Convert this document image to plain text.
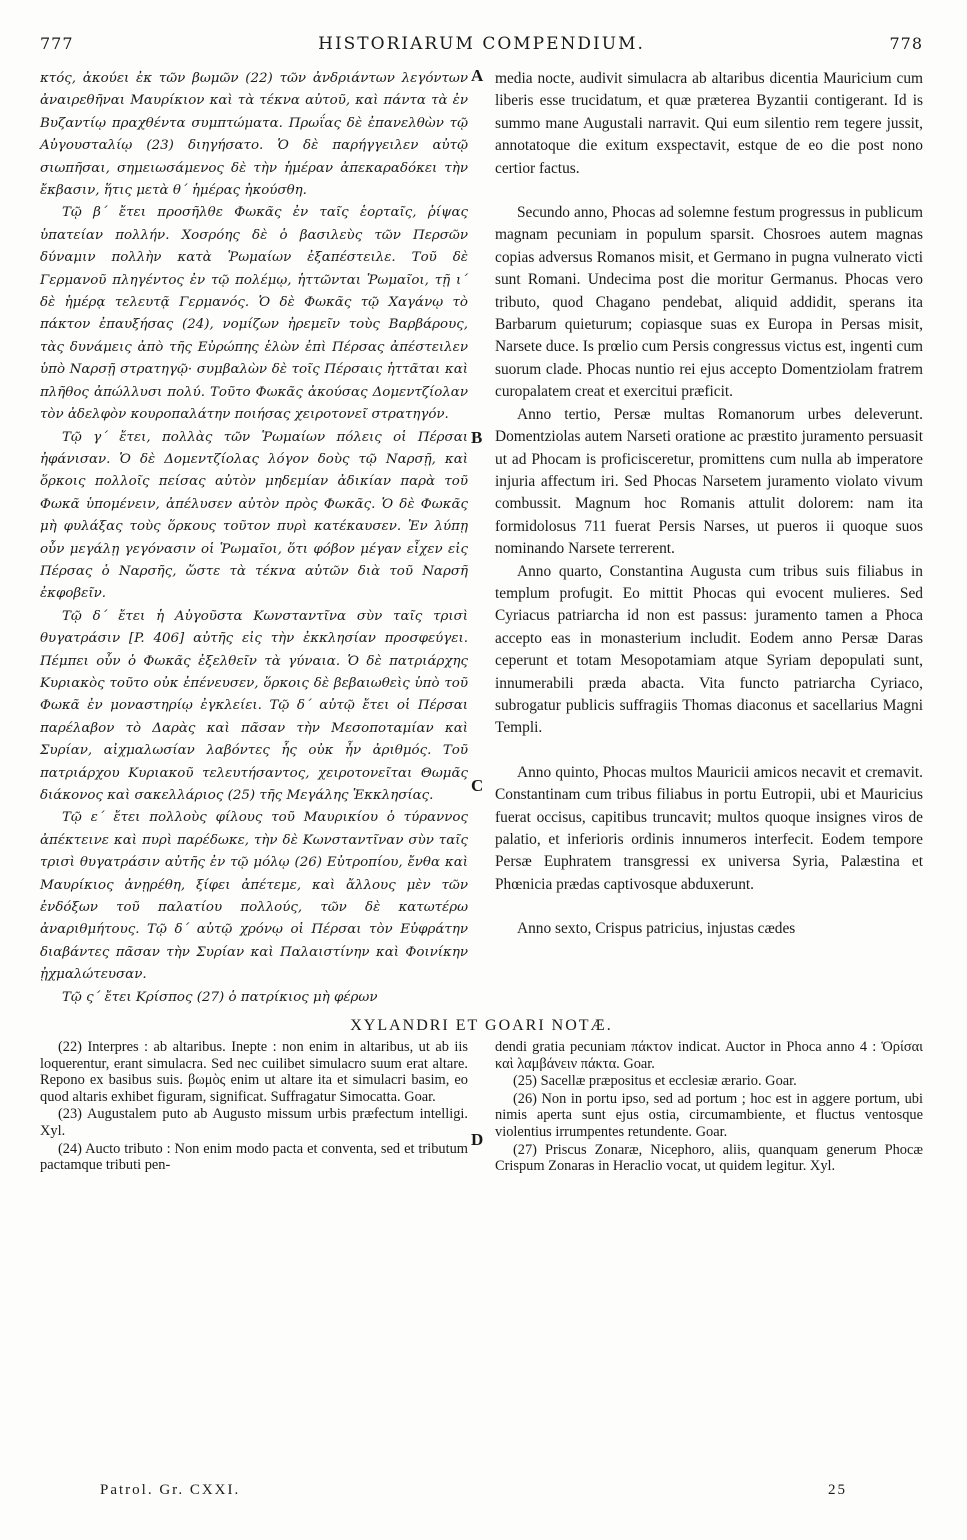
777	HISTORIARUM COMPENDIUM.	778
A
B
C
D

κτός, ἀκούει ἐκ τῶν βωμῶν (22) τῶν ἀνδριάντων λεγόντων ἀναιρεθῆναι Μαυρίκιον καὶ τὰ τέκνα αὐτοῦ, καὶ πάντα τὰ ἐν Βυζαντίῳ πραχθέντα συμπτώματα. Πρωΐας δὲ ἐπανελθὼν τῷ Αὐγουσταλίῳ (23) διηγήσατο. Ὁ δὲ παρήγγειλεν αὐτῷ σιωπῆσαι, σημειωσάμενος δὲ τὴν ἡμέραν ἀπεκαραδόκει τὴν ἔκβασιν, ἥτις μετὰ θ´ ἡμέρας ἠκούσθη.

Τῷ β´ ἔτει προσῆλθε Φωκᾶς ἐν ταῖς ἑορταῖς, ῥίψας ὑπατείαν πολλήν. Χοσρόης δὲ ὁ βασιλεὺς τῶν Περσῶν δύναμιν πολλὴν κατὰ Ῥωμαίων ἐξαπέστειλε. Τοῦ δὲ Γερμανοῦ πληγέντος ἐν τῷ πολέμῳ, ἡττῶνται Ῥωμαῖοι, τῇ ι´ δὲ ἡμέρᾳ τελευτᾷ Γερμανός. Ὁ δὲ Φωκᾶς τῷ Χαγάνῳ τὸ πάκτον ἐπαυξήσας (24), νομίζων ἠρεμεῖν τοὺς Βαρβάρους, τὰς δυνάμεις ἀπὸ τῆς Εὐρώπης ἑλὼν ἐπὶ Πέρσας ἀπέστειλεν ὑπὸ Ναρσῇ στρατηγῷ· συμβαλὼν δὲ τοῖς Πέρσαις ἡττᾶται καὶ πλῆθος ἀπώλλυσι πολύ. Τοῦτο Φωκᾶς ἀκούσας Δομεντζίολαν τὸν ἀδελφὸν κουροπαλάτην ποιήσας χειροτονεῖ στρατηγόν.

Τῷ γ´ ἔτει, πολλὰς τῶν Ῥωμαίων πόλεις οἱ Πέρσαι ἠφάνισαν. Ὁ δὲ Δομεντζίολας λόγον δοὺς τῷ Ναρσῇ, καὶ ὅρκοις πολλοῖς πείσας αὐτὸν μηδεμίαν ἀδικίαν παρὰ τοῦ Φωκᾶ ὑπομένειν, ἀπέλυσεν αὐτὸν πρὸς Φωκᾶς. Ὁ δὲ Φωκᾶς μὴ φυλάξας τοὺς ὅρκους τοῦτον πυρὶ κατέκαυσεν. Ἐν λύπῃ οὖν μεγάλῃ γεγόνασιν οἱ Ῥωμαῖοι, ὅτι φόβον μέγαν εἶχεν εἰς Πέρσας ὁ Ναρσῆς, ὥστε τὰ τέκνα αὐτῶν διὰ τοῦ Ναρσῆ ἐκφοβεῖν.

Τῷ δ´ ἔτει ἡ Αὐγοῦστα Κωνσταντῖνα σὺν ταῖς τρισὶ θυγατράσιν [P. 406] αὐτῆς εἰς τὴν ἐκκλησίαν προσφεύγει. Πέμπει οὖν ὁ Φωκᾶς ἐξελθεῖν τὰ γύναια. Ὁ δὲ πατριάρχης Κυριακὸς τοῦτο οὐκ ἐπένευσεν, ὅρκοις δὲ βεβαιωθεὶς ὑπὸ τοῦ Φωκᾶ ἐν μοναστηρίῳ ἐγκλείει. Τῷ δ´ αὐτῷ ἔτει οἱ Πέρσαι παρέλαβον τὸ Δαρὰς καὶ πᾶσαν τὴν Μεσοποταμίαν καὶ Συρίαν, αἰχμαλωσίαν λαβόντες ἧς οὐκ ἦν ἀριθμός. Τοῦ πατριάρχου Κυριακοῦ τελευτήσαντος, χειροτονεῖται Θωμᾶς διάκονος καὶ σακελλάριος (25) τῆς Μεγάλης Ἐκκλησίας.

Τῷ ε´ ἔτει πολλοὺς φίλους τοῦ Μαυρικίου ὁ τύραννος ἀπέκτεινε καὶ πυρὶ παρέδωκε, τὴν δὲ Κωνσταντῖναν σὺν ταῖς τρισὶ θυγατράσιν αὐτῆς ἐν τῷ μόλῳ (26) Εὐτροπίου, ἔνθα καὶ Μαυρίκιος ἀνῃρέθη, ξίφει ἀπέτεμε, καὶ ἄλλους μὲν τῶν ἐνδόξων τοῦ παλατίου πολλούς, τῶν δὲ κατωτέρω ἀναριθμήτους. Τῷ δ´ αὐτῷ χρόνῳ οἱ Πέρσαι τὸν Εὐφράτην διαβάντες πᾶσαν τὴν Συρίαν καὶ Παλαιστίνην καὶ Φοινίκην ᾐχμαλώτευσαν.

Τῷ ς´ ἔτει Κρίσπος (27) ὁ πατρίκιος μὴ φέρων

media nocte, audivit simulacra ab altaribus dicentia Mauricium cum liberis esse trucidatum, et quæ præterea Byzantii contigerant. Id is summo mane Augustali narravit. Qui eum silentio rem tegere jussit, annotatoque die exitum exspectavit, estque de eo die post nono certior factus.

Secundo anno, Phocas ad solemne festum progressus in publicum magnam pecuniam in populum sparsit. Chosroes autem magnas copias adversus Romanos misit, et Germano in pugna vulnerato victi sunt Romani. Undecima post die moritur Germanus. Phocas vero tributo, quod Chagano pendebat, aliquid addidit, sperans ita Barbarum quieturum; copiasque suas ex Europa in Persas misit, Narsete duce. Is prœlio cum Persis congressus victus est, ingenti cum suorum clade. Phocas nuntio rei ejus accepto Domentziolam fratrem curopalatem creat et exercitui præficit.

Anno tertio, Persæ multas Romanorum urbes deleverunt. Domentziolas autem Narseti oratione ac præstito juramento persuasit ut ad Phocam is proficisceretur, promittens cum nulla ab imperatore injuria affectum iri. Sed Phocas Narsetem juramento violato vivum combussit. Magnum hoc Romanis attulit dolorem: nam ita formidolosus 711 fuerat Persis Narses, ut pueros ii quoque suos nominando Narsete terrerent.

Anno quarto, Constantina Augusta cum tribus suis filiabus in templum profugit. Eo mittit Phocas qui evocent mulieres. Sed Cyriacus patriarcha id non est passus: juramento tamen a Phoca accepto eas in monasterium includit. Eodem anno Persæ Daras ceperunt et totam Mesopotamiam atque Syriam depopulati sunt, innumerabili præda abacta. Vita functo patriarcha Cyriaco, subrogatur publicis suffragiis Thomas diaconus et sacellarius Magni Templi.

Anno quinto, Phocas multos Mauricii amicos necavit et cremavit. Constantinam cum tribus filiabus in portu Eutropii, ubi et Mauricius fuerat occisus, capitibus truncavit; multos quoque insignes viros de palatio, et inferioris ordinis innumeros interfecit. Eodem tempore Persæ Euphratem transgressi ex universa Syria, Palæstina et Phœnicia prædas captivosque abduxerunt.

Anno sexto, Crispus patricius, injustas cædes

XYLANDRI ET GOARI NOTÆ.

(22) Interpres : ab altaribus. Inepte : non enim in altaribus, ut ab iis loquerentur, erant simulacra. Sed nec cuilibet simulacro suum erat altare. Repono ex basibus suis. βωμὸς enim ut altare ita et simulacri basim, eo quod altaris exhibet figuram, significat. Suffragatur Simocatta. Goar.

(23) Augustalem puto ab Augusto missum urbis præfectum intelligi. Xyl.

(24) Aucto tributo : Non enim modo pacta et conventa, sed et tributum pactamque tributi pen-

dendi gratia pecuniam πάκτον indicat. Auctor in Phoca anno 4 : Ὁρίσαι καὶ λαμβάνειν πάκτα. Goar.

(25) Sacellæ præpositus et ecclesiæ ærario. Goar.

(26) Non in portu ipso, sed ad portum ; hoc est in aggere portum, ubi nimis aperta sunt ejus ostia, circumambiente, et fluctus ventosque violentius irrumpentes retundente. Goar.

(27) Priscus Zonaræ, Nicephoro, aliis, quanquam generum Phocæ Crispum Zonaras in Heraclio vocat, ut quidem legitur. Xyl.

Patrol. Gr. CXXI.	25
